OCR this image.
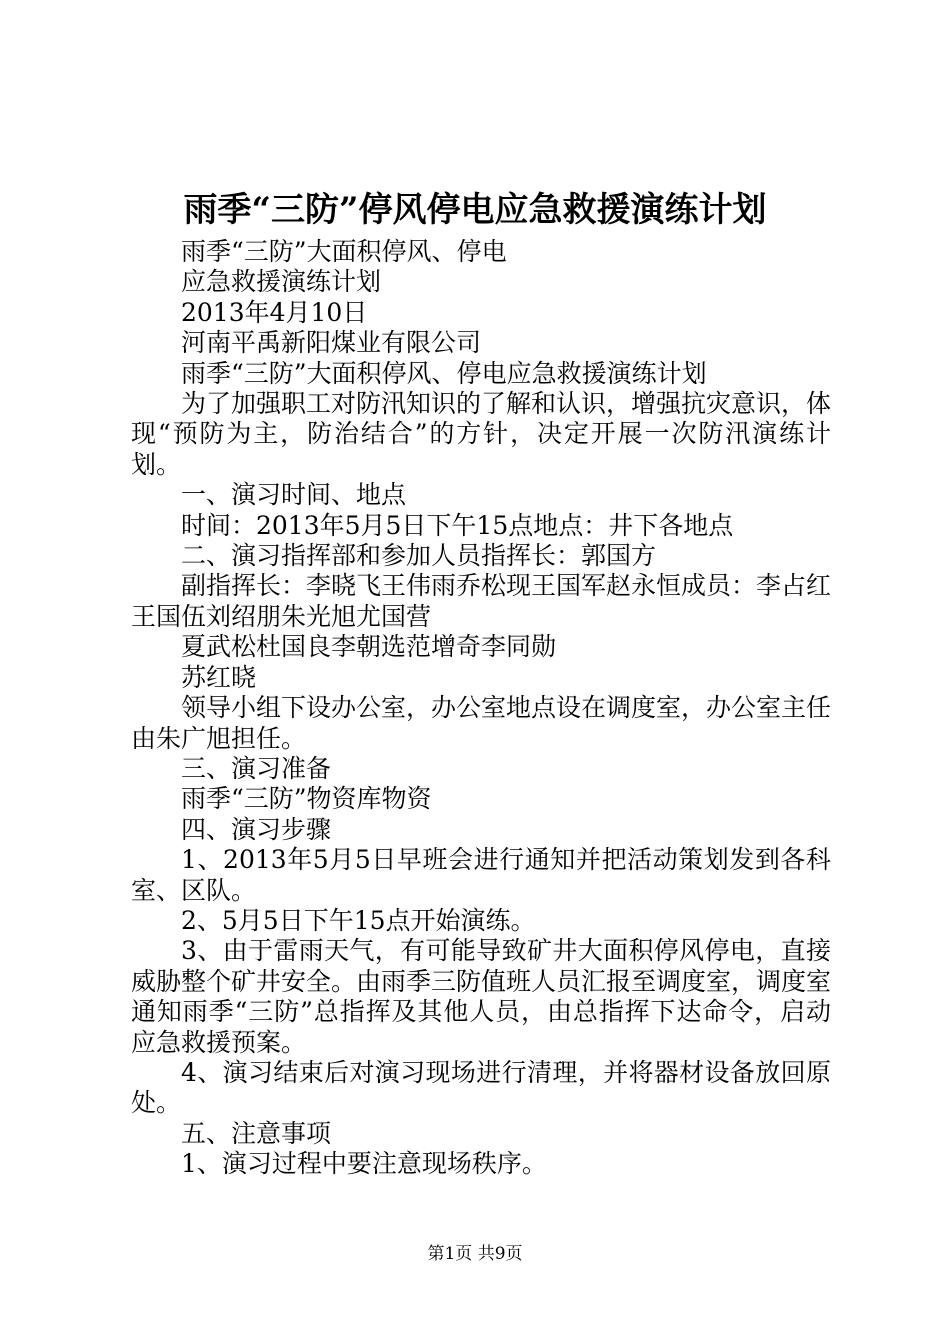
雨季“三防”停风停电应急救援演练计划

雨季“三防”大面积停风、停电

应急救援演练计划

2013年4月10日

河南平禹新阳煤业有限公司

雨季“三防”大面积停风、停电应急救援演练计划

为了加强职工对防汛知识的了解和认识，增强抗灾意识，体现“预防为主，防治结合”的方针，决定开展一次防汛演练计划。

一、演习时间、地点

时间：2013年5月5日下午15点地点：井下各地点

二、演习指挥部和参加人员指挥长：郭国方

副指挥长：李晓飞王伟雨乔松现王国军赵永恒成员：李占红王国伍刘绍朋朱光旭尤国营

夏武松杜国良李朝选范增奇李同勋

苏红晓

领导小组下设办公室，办公室地点设在调度室，办公室主任由朱广旭担任。

三、演习准备

雨季“三防”物资库物资

四、演习步骤

1、2013年5月5日早班会进行通知并把活动策划发到各科室、区队。

2、5月5日下午15点开始演练。

3、由于雷雨天气，有可能导致矿井大面积停风停电，直接威胁整个矿井安全。由雨季三防值班人员汇报至调度室，调度室通知雨季“三防”总指挥及其他人员，由总指挥下达命令，启动应急救援预案。

4、演习结束后对演习现场进行清理，并将器材设备放回原处。

五、注意事项

1、演习过程中要注意现场秩序。

第1页 共9页
